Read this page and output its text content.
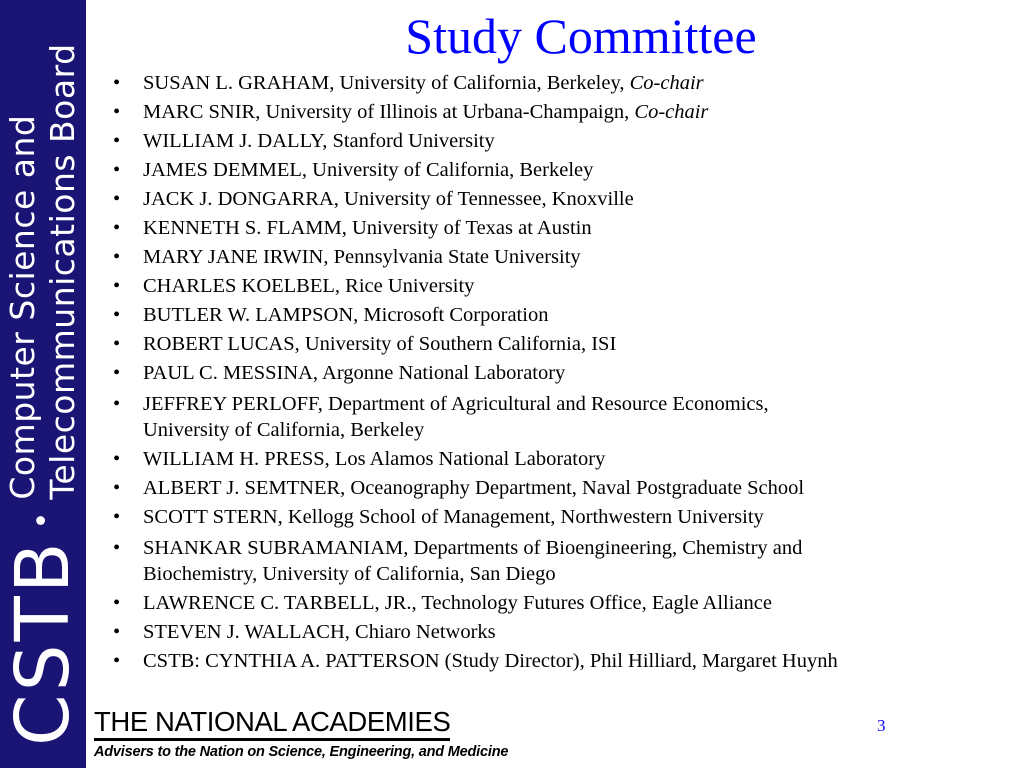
CSTB
•
Computer Science and Telecommunications Board
Study Committee
• SUSAN L. GRAHAM, University of California, Berkeley, Co-chair
• MARC SNIR, University of Illinois at Urbana-Champaign, Co-chair
• WILLIAM J. DALLY, Stanford University
• JAMES DEMMEL, University of California, Berkeley
• JACK J. DONGARRA, University of Tennessee, Knoxville
• KENNETH S. FLAMM, University of Texas at Austin
• MARY JANE IRWIN, Pennsylvania State University
• CHARLES KOELBEL, Rice University
• BUTLER W. LAMPSON, Microsoft Corporation
• ROBERT LUCAS, University of Southern California, ISI
• PAUL C. MESSINA, Argonne National Laboratory
• JEFFREY PERLOFF, Department of Agricultural and Resource Economics,
University of California, Berkeley
• WILLIAM H. PRESS, Los Alamos National Laboratory
• ALBERT J. SEMTNER, Oceanography Department, Naval Postgraduate School
• SCOTT STERN, Kellogg School of Management, Northwestern University
• SHANKAR SUBRAMANIAM, Departments of Bioengineering, Chemistry and
Biochemistry, University of California, San Diego
• LAWRENCE C. TARBELL, JR., Technology Futures Office, Eagle Alliance
• STEVEN J. WALLACH, Chiaro Networks
• CSTB: CYNTHIA A. PATTERSON (Study Director), Phil Hilliard, Margaret Huynh
THE NATIONAL ACADEMIES
Advisers to the Nation on Science, Engineering, and Medicine
3
